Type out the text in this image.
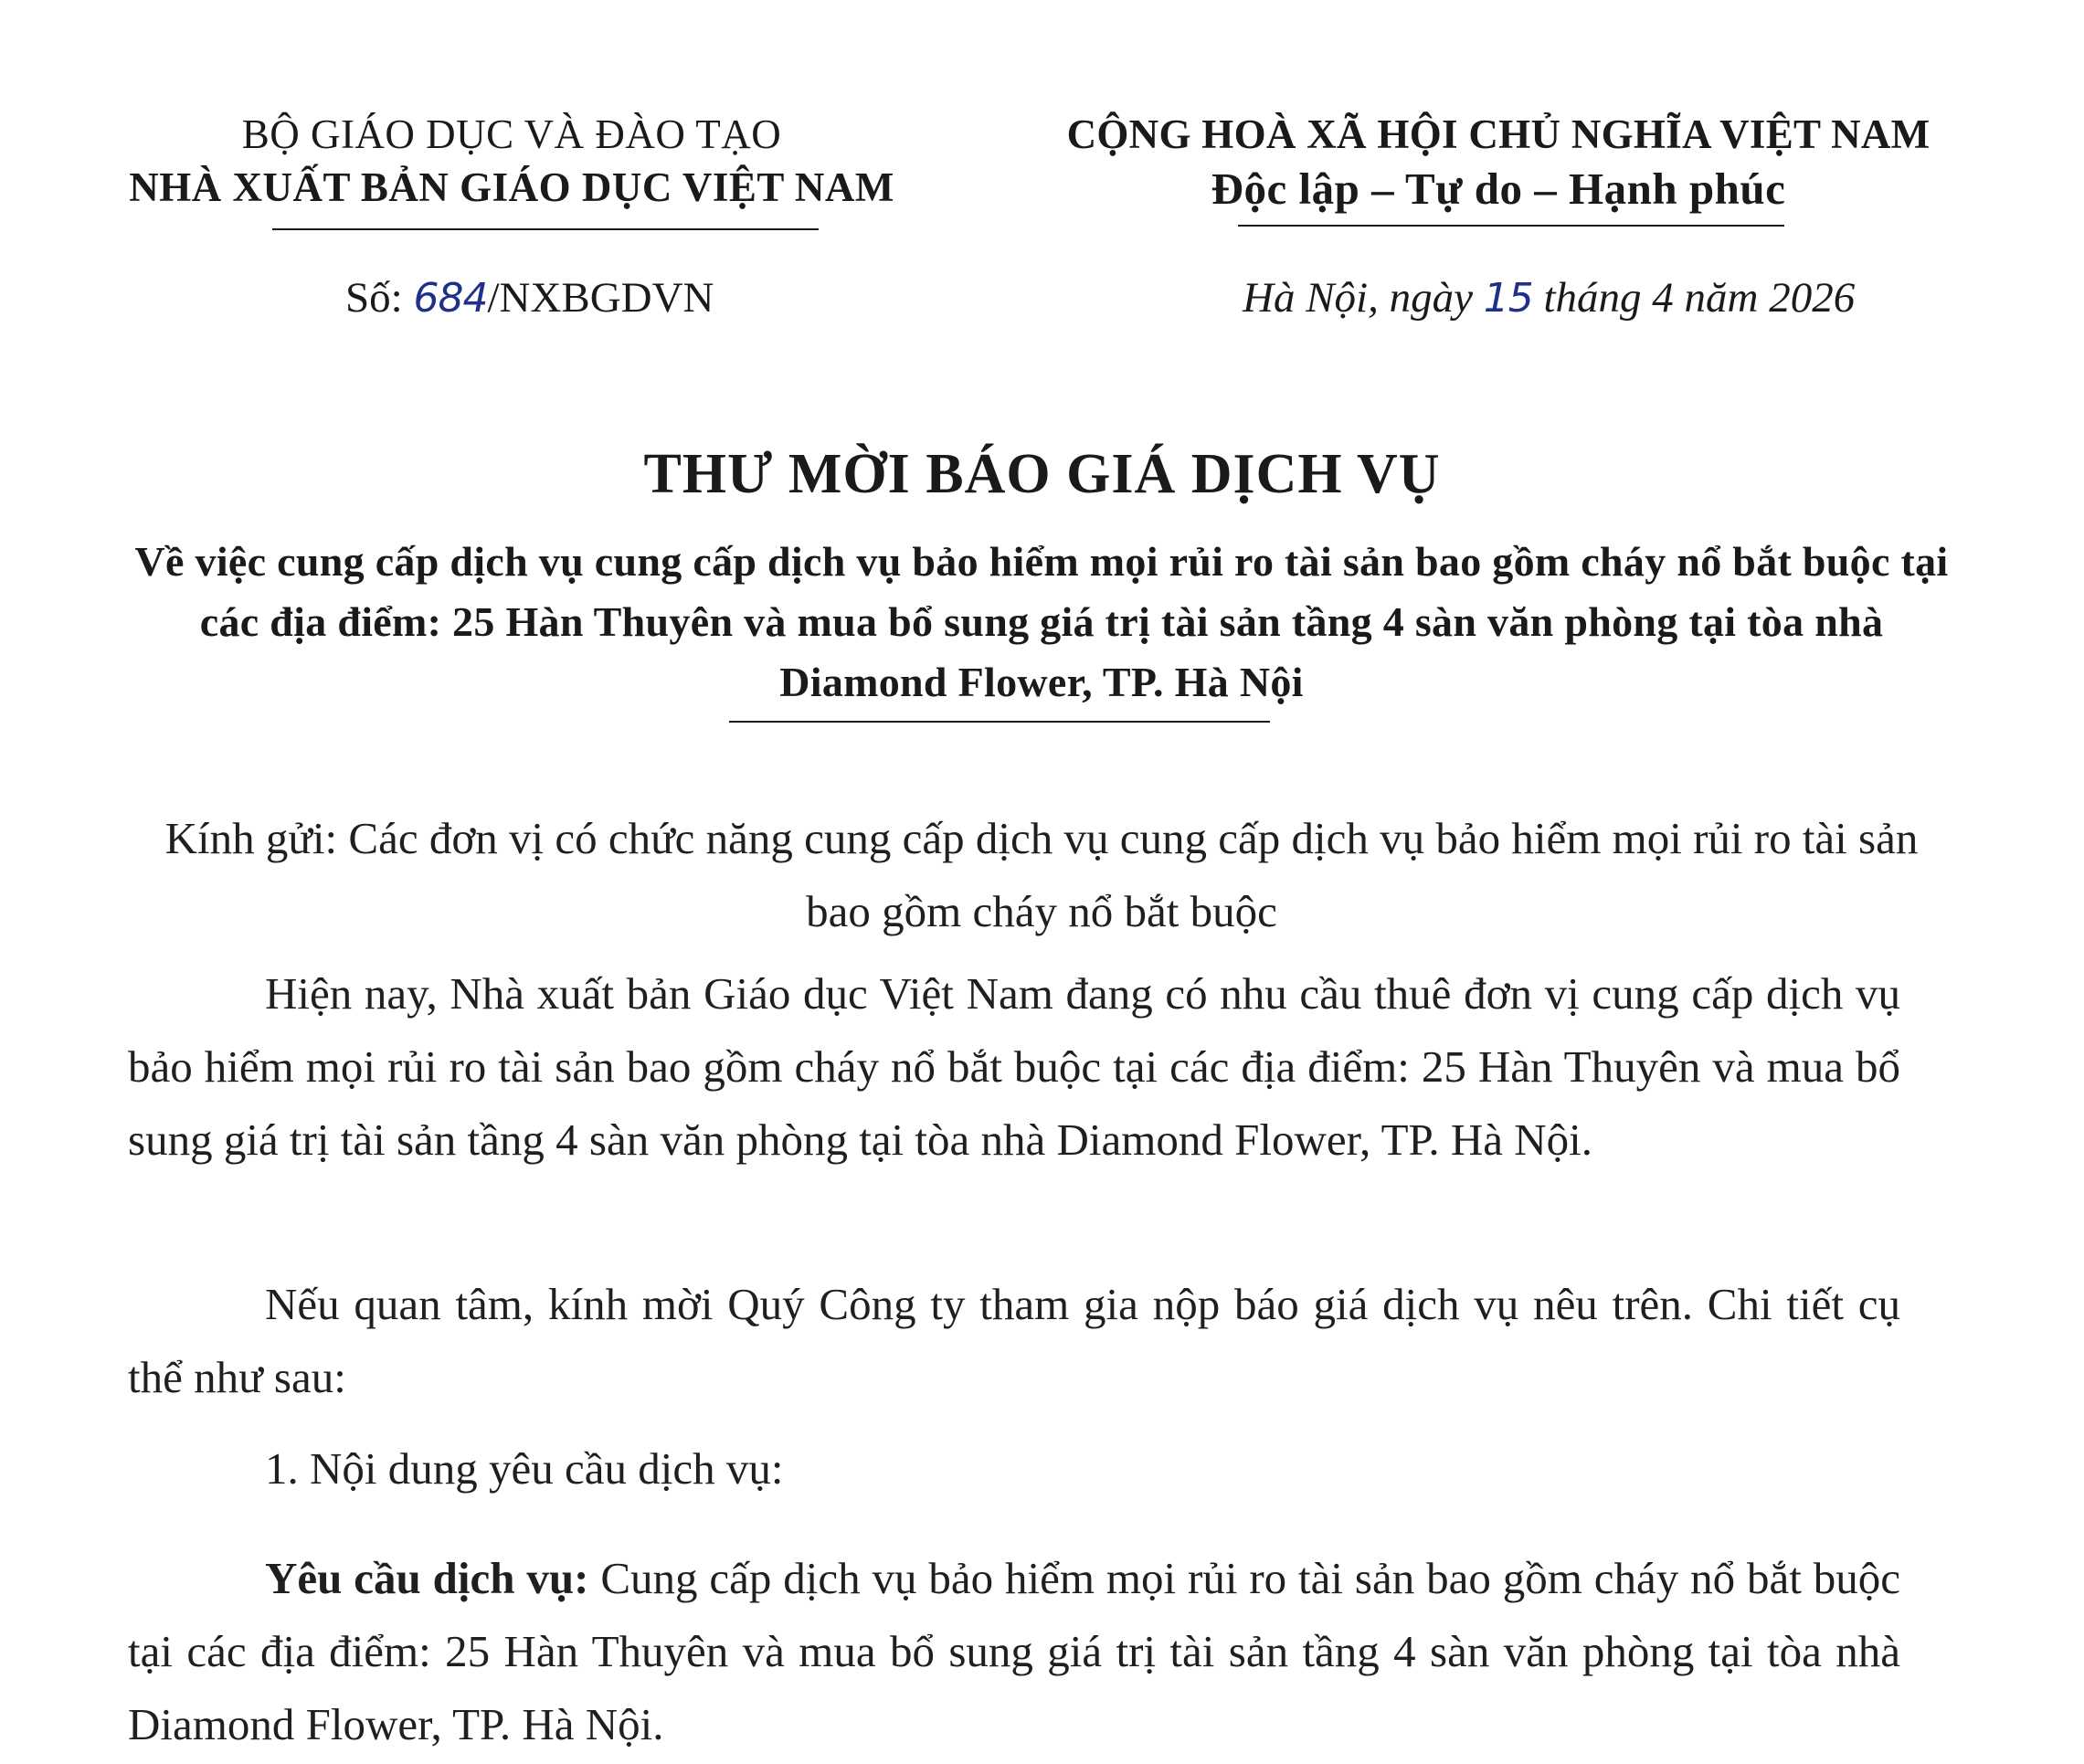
BỘ GIÁO DỤC VÀ ĐÀO TẠO
NHÀ XUẤT BẢN GIÁO DỤC VIỆT NAM
CỘNG HOÀ XÃ HỘI CHỦ NGHĨA VIỆT NAM
Độc lập – Tự do – Hạnh phúc
Số: 684/NXBGDVN	Hà Nội, ngày 15 tháng 4 năm 2026
THƯ MỜI BÁO GIÁ DỊCH VỤ
Về việc cung cấp dịch vụ cung cấp dịch vụ bảo hiểm mọi rủi ro tài sản bao gồm cháy nổ bắt buộc tại các địa điểm: 25 Hàn Thuyên và mua bổ sung giá trị tài sản tầng 4 sàn văn phòng tại tòa nhà Diamond Flower, TP. Hà Nội
Kính gửi: Các đơn vị có chức năng cung cấp dịch vụ cung cấp dịch vụ bảo hiểm mọi rủi ro tài sản bao gồm cháy nổ bắt buộc
Hiện nay, Nhà xuất bản Giáo dục Việt Nam đang có nhu cầu thuê đơn vị cung cấp dịch vụ bảo hiểm mọi rủi ro tài sản bao gồm cháy nổ bắt buộc tại các địa điểm: 25 Hàn Thuyên và mua bổ sung giá trị tài sản tầng 4 sàn văn phòng tại tòa nhà Diamond Flower, TP. Hà Nội.
Nếu quan tâm, kính mời Quý Công ty tham gia nộp báo giá dịch vụ nêu trên. Chi tiết cụ thể như sau:
1. Nội dung yêu cầu dịch vụ:
Yêu cầu dịch vụ: Cung cấp dịch vụ bảo hiểm mọi rủi ro tài sản bao gồm cháy nổ bắt buộc tại các địa điểm: 25 Hàn Thuyên và mua bổ sung giá trị tài sản tầng 4 sàn văn phòng tại tòa nhà Diamond Flower, TP. Hà Nội.
